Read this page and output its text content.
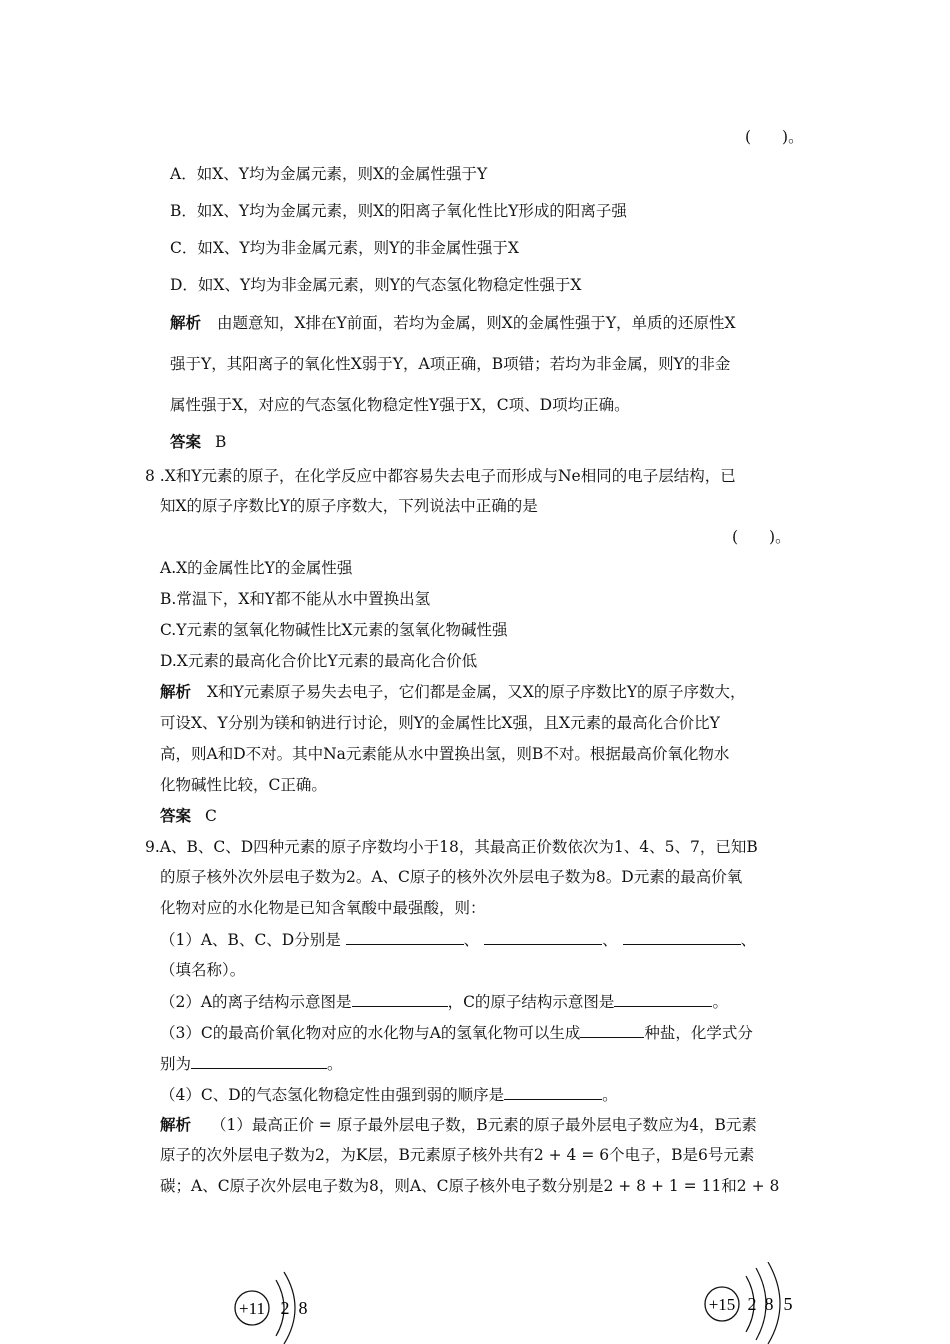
(　　)。
A．如X、Y均为金属元素，则X的金属性强于Y
B．如X、Y均为金属元素，则X的阳离子氧化性比Y形成的阳离子强
C．如X、Y均为非金属元素，则Y的非金属性强于X
D．如X、Y均为非金属元素，则Y的气态氢化物稳定性强于X
解析 由题意知，X排在Y前面，若均为金属，则X的金属性强于Y，单质的还原性X
强于Y，其阳离子的氧化性X弱于Y，A项正确，B项错；若均为非金属，则Y的非金
属性强于X，对应的气态氢化物稳定性Y强于X，C项、D项均正确。
答案 B
8 .X和Y元素的原子，在化学反应中都容易失去电子而形成与Ne相同的电子层结构，已
知X的原子序数比Y的原子序数大，下列说法中正确的是
(　　)。
A.X的金属性比Y的金属性强
B.常温下，X和Y都不能从水中置换出氢
C.Y元素的氢氧化物碱性比X元素的氢氧化物碱性强
D.X元素的最高化合价比Y元素的最高化合价低
解析 X和Y元素原子易失去电子，它们都是金属，又X的原子序数比Y的原子序数大，
可设X、Y分别为镁和钠进行讨论，则Y的金属性比X强，且X元素的最高化合价比Y
高，则A和D不对。其中Na元素能从水中置换出氢，则B不对。根据最高价氧化物水
化物碱性比较，C正确。
答案 C
9.A、B、C、D四种元素的原子序数均小于18，其最高正价数依次为1、4、5、7，已知B
的原子核外次外层电子数为2。A、C原子的核外次外层电子数为8。D元素的最高价氧
化物对应的水化物是已知含氧酸中最强酸，则：
（1）A、B、C、D分别是	、	、	、
（填名称）。
（2）A的离子结构示意图是	，C的原子结构示意图是	。
（3）C的最高价氧化物对应的水化物与A的氢氧化物可以生成	种盐，化学式分
别为	。
（4）C、D的气态氢化物稳定性由强到弱的顺序是	。
解析 （1）最高正价 = 原子最外层电子数，B元素的原子最外层电子数应为4，B元素
原子的次外层电子数为2，为K层，B元素原子核外共有2 + 4 = 6个电子，B是6号元素
碳；A、C原子次外层电子数为8，则A、C原子核外电子数分别是2 + 8 + 1 = 11和2 + 8
+11 2 8	+15 2 8 5
